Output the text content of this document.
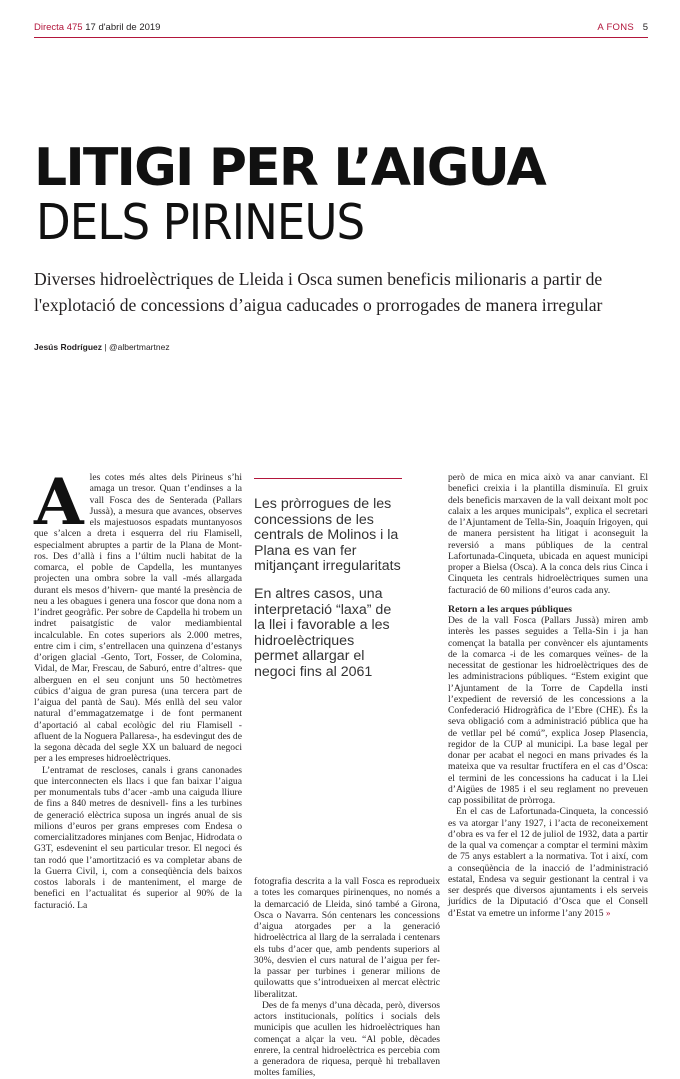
Directa 475 17 d'abril de 2019	A FONS 5
LITIGI PER L’AIGUA
DELS PIRINEUS
Diverses hidroelèctriques de Lleida i Osca sumen beneficis milionaris a partir de l'explotació de concessions d’aigua caducades o prorrogades de manera irregular
Jesús Rodríguez | @albertmartnez
A les cotes més altes dels Pirineus s’hi amaga un tresor. Quan t’endinses a la vall Fosca des de Senterada (Pallars Jussà), a mesura que avances, observes els majestuosos espadats muntanyosos que s’alcen a dreta i esquerra del riu Flamisell, especialment abruptes a partir de la Plana de Mont-ros. Des d’allà i fins a l’últim nucli habitat de la comarca, el poble de Capdella, les muntanyes projecten una ombra sobre la vall -més allargada durant els mesos d’hivern- que manté la presència de neu a les obagues i genera una foscor que dona nom a l’indret geogràfic. Per sobre de Capdella hi trobem un indret paisatgístic de valor mediambiental incalculable. En cotes superiors als 2.000 metres, entre cim i cim, s’entrellacen una quinzena d’estanys d’origen glacial -Gento, Tort, Fosser, de Colomina, Vidal, de Mar, Frescau, de Saburó, entre d’altres- que alberguen en el seu conjunt uns 50 hectòmetres cúbics d’aigua de gran puresa (una tercera part de l’aigua del pantà de Sau). Més enllà del seu valor natural d’emmagatzematge i de font permanent d’aportació al cabal ecològic del riu Flamisell -afluent de la Noguera Pallaresa-, ha esdevingut des de la segona dècada del segle XX un baluard de negoci per a les empreses hidroelèctriques.

L’entramat de rescloses, canals i grans canonades que interconnecten els llacs i que fan baixar l’aigua per monumentals tubs d’acer -amb una caiguda lliure de fins a 840 metres de desnivell- fins a les turbines de generació elèctrica suposa un ingrés anual de sis milions d’euros per grans empreses com Endesa o comercialitzadores minjanes com Benjac, Hidrodata o G3T, esdevenint el seu particular tresor. El negoci és tan rodó que l’amortització es va completar abans de la Guerra Civil, i, com a conseqüència dels baixos costos laborals i de manteniment, el marge de benefici en l’actualitat és superior al 90% de la facturació. La

Les pròrrogues de les concessions de les centrals de Molinos i la Plana es van fer mitjançant irregularitats

En altres casos, una interpretació “laxa” de la llei i favorable a les hidroelèctriques permet allargar el negoci fins al 2061

fotografia descrita a la vall Fosca es reprodueix a totes les comarques pirinenques, no només a la demarcació de Lleida, sinó també a Girona, Osca o Navarra. Són centenars les concessions d’aigua atorgades per a la generació hidroelèctrica al llarg de la serralada i centenars els tubs d’acer que, amb pendents superiors al 30%, desvien el curs natural de l’aigua per fer-la passar per turbines i generar milions de quilowatts que s’introdueixen al mercat elèctric liberalitzat.

Des de fa menys d’una dècada, però, diversos actors institucionals, polítics i socials dels municipis que acullen les hidroelèctriques han començat a alçar la veu. “Al poble, dècades enrere, la central hidroelèctrica es percebia com a generadora de riquesa, perquè hi treballaven moltes famílies,

però de mica en mica això va anar canviant. El benefici creixia i la plantilla disminuïa. El gruix dels beneficis marxaven de la vall deixant molt poc calaix a les arques municipals”, explica el secretari de l’Ajuntament de Tella-Sin, Joaquín Irigoyen, qui de manera persistent ha litigat i aconseguit la reversió a mans públiques de la central Lafortunada-Cinqueta, ubicada en aquest municipi proper a Bielsa (Osca). A la conca dels rius Cinca i Cinqueta les centrals hidroelèctriques sumen una facturació de 60 milions d’euros cada any.

Retorn a les arques públiques

Des de la vall Fosca (Pallars Jussà) miren amb interès les passes seguides a Tella-Sin i ja han començat la batalla per convèncer els ajuntaments de la comarca -i de les comarques veïnes- de la necessitat de gestionar les hidroelèctriques des de les administracions públiques. “Estem exigint que l’Ajuntament de la Torre de Capdella insti l’expedient de reversió de les concessions a la Confederació Hidrogràfica de l’Ebre (CHE). És la seva obligació com a administració pública que ha de vetllar pel bé comú”, explica Josep Plasencia, regidor de la CUP al municipi. La base legal per donar per acabat el negoci en mans privades és la mateixa que va resultar fructífera en el cas d’Osca: el termini de les concessions ha caducat i la Llei d’Aigües de 1985 i el seu reglament no preveuen cap possibilitat de pròrroga.

En el cas de Lafortunada-Cinqueta, la concessió es va atorgar l’any 1927, i l’acta de reconeixement d’obra es va fer el 12 de juliol de 1932, data a partir de la qual va començar a comptar el termini màxim de 75 anys establert a la normativa. Tot i així, com a conseqüència de la inacció de l’administració estatal, Endesa va seguir gestionant la central i va ser després que diversos ajuntaments i els serveis jurídics de la Diputació d’Osca que el Consell d’Estat va emetre un informe l’any 2015 »
